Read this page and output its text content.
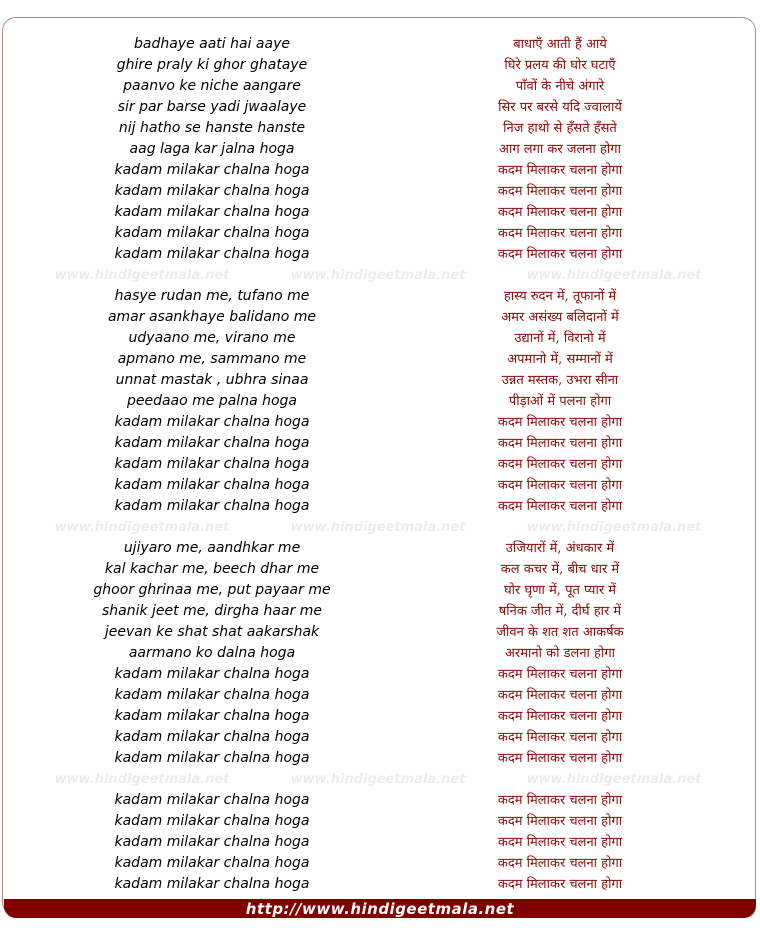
badhaye aati hai aaye	बाधाएँ आती हैं आये
ghire praly ki ghor ghataye	घिरे प्रलय की घोर घटाएँ
paanvo ke niche aangare	पाँवों के नीचे अंगारे
sir par barse yadi jwaalaye	सिर पर बरसे यदि ज्वालायें
nij hatho se hanste hanste	निज हाथो से हँसते हँसते
aag laga kar jalna hoga	आग लगा कर जलना होगा
kadam milakar chalna hoga	कदम मिलाकर चलना होगा
kadam milakar chalna hoga	कदम मिलाकर चलना होगा
kadam milakar chalna hoga	कदम मिलाकर चलना होगा
kadam milakar chalna hoga	कदम मिलाकर चलना होगा
kadam milakar chalna hoga	कदम मिलाकर चलना होगा
www.hindigeetmala.net	www.hindigeetmala.net	www.hindigeetmala.net
hasye rudan me, tufano me	हास्य रुदन में, तूफानों में
amar asankhaye balidano me	अमर असंख्य बलिदानों में
udyaano me, virano me	उद्यानों में, विरानो में
apmano me, sammano me	अपमानो में, सम्मानों में
unnat mastak , ubhra sinaa	उन्नत मस्तक, उभरा सीना
peedaao me palna hoga	पीड़ाओं में पलना होगा
kadam milakar chalna hoga	कदम मिलाकर चलना होगा
kadam milakar chalna hoga	कदम मिलाकर चलना होगा
kadam milakar chalna hoga	कदम मिलाकर चलना होगा
kadam milakar chalna hoga	कदम मिलाकर चलना होगा
kadam milakar chalna hoga	कदम मिलाकर चलना होगा
www.hindigeetmala.net	www.hindigeetmala.net	www.hindigeetmala.net
ujiyaro me, aandhkar me	उजियारों में, अंधकार में
kal kachar me, beech dhar me	कल कचर में, बीच धार में
ghoor ghrinaa me, put payaar me	घोर घृणा में, पूत प्यार में
shanik jeet me, dirgha haar me	षनिक जीत में, दीर्घ हार में
jeevan ke shat shat aakarshak	जीवन के शत शत आकर्षक
aarmano ko dalna hoga	अरमानो को डलना होगा
kadam milakar chalna hoga	कदम मिलाकर चलना होगा
kadam milakar chalna hoga	कदम मिलाकर चलना होगा
kadam milakar chalna hoga	कदम मिलाकर चलना होगा
kadam milakar chalna hoga	कदम मिलाकर चलना होगा
kadam milakar chalna hoga	कदम मिलाकर चलना होगा
www.hindigeetmala.net	www.hindigeetmala.net	www.hindigeetmala.net
kadam milakar chalna hoga	कदम मिलाकर चलना होगा
kadam milakar chalna hoga	कदम मिलाकर चलना होगा
kadam milakar chalna hoga	कदम मिलाकर चलना होगा
kadam milakar chalna hoga	कदम मिलाकर चलना होगा
kadam milakar chalna hoga	कदम मिलाकर चलना होगा
http://www.hindigeetmala.net
